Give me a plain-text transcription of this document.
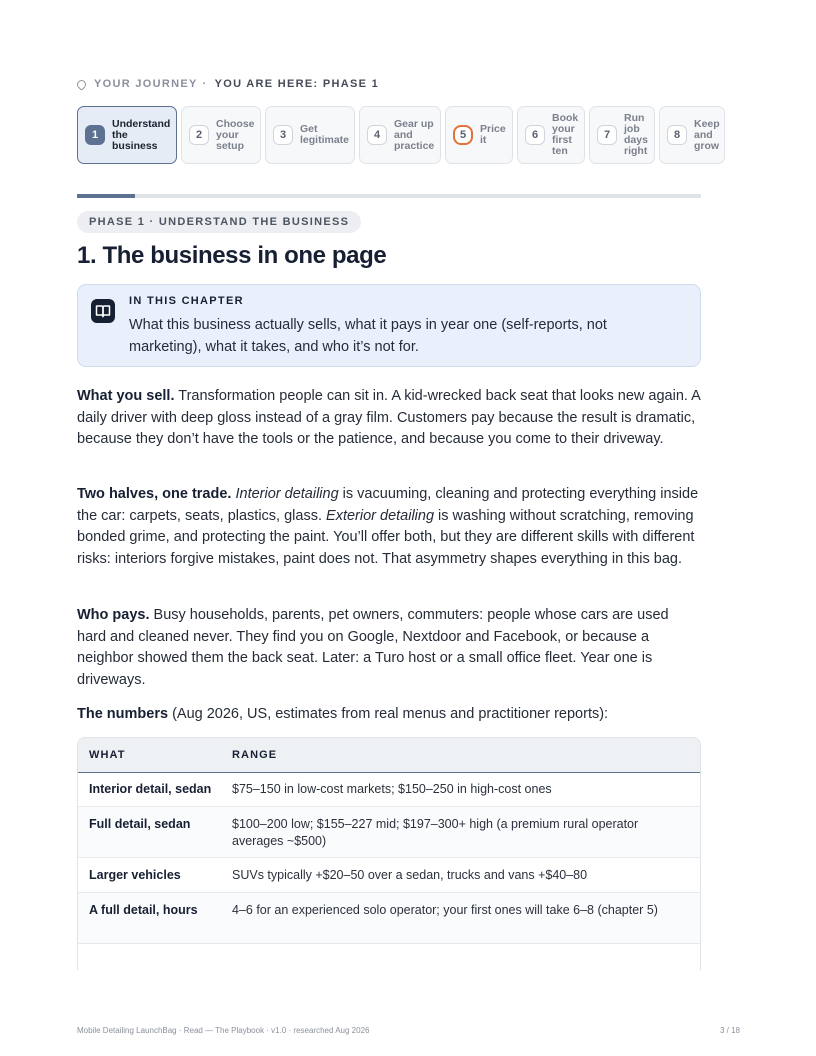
YOUR JOURNEY · YOU ARE HERE: PHASE 1
1
Understand the business
2
Choose your setup
3	Get legitimate	4
Gear up and practice
5	Price it	6
Book your first ten
7
Run job days right
8
Keep and grow
PHASE 1 · UNDERSTAND THE BUSINESS
1. The business in one page
IN THIS CHAPTER
What this business actually sells, what it pays in year one (self-reports, not marketing), what it takes, and who it’s not for.

What you sell. Transformation people can sit in. A kid-wrecked back seat that looks new again. A daily driver with deep gloss instead of a gray film. Customers pay because the result is dramatic, because they don’t have the tools or the patience, and because you come to their driveway.

Two halves, one trade. Interior detailing is vacuuming, cleaning and protecting everything inside the car: carpets, seats, plastics, glass. Exterior detailing is washing without scratching, removing bonded grime, and protecting the paint. You’ll offer both, but they are different skills with different risks: interiors forgive mistakes, paint does not. That asymmetry shapes everything in this bag.

Who pays. Busy households, parents, pet owners, commuters: people whose cars are used hard and cleaned never. They find you on Google, Nextdoor and Facebook, or because a neighbor showed them the back seat. Later: a Turo host or a small office fleet. Year one is driveways.

The numbers (Aug 2026, US, estimates from real menus and practitioner reports):

WHAT	RANGE
Interior detail, sedan	$75–150 in low-cost markets; $150–250 in high-cost ones
Full detail, sedan	$100–200 low; $155–227 mid; $197–300+ high (a premium rural operator averages ~$500)
Larger vehicles	SUVs typically +$20–50 over a sedan, trucks and vans +$40–80
A full detail, hours	4–6 for an experienced solo operator; your first ones will take 6–8 (chapter 5)
Mobile Detailing LaunchBag · Read — The Playbook · v1.0 · researched Aug 2026	3 / 18
